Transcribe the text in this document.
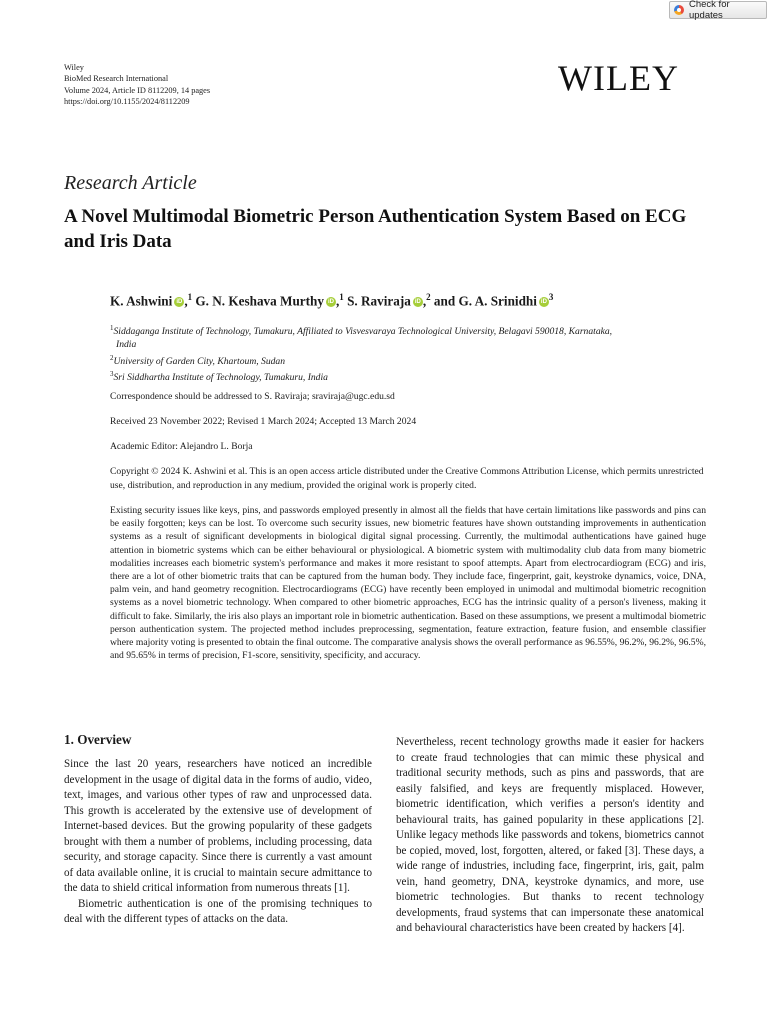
Check for updates
Wiley
BioMed Research International
Volume 2024, Article ID 8112209, 14 pages
https://doi.org/10.1155/2024/8112209
WILEY
Research Article
A Novel Multimodal Biometric Person Authentication System Based on ECG and Iris Data
K. Ashwini iD ,$^1$ G. N. Keshava Murthy iD ,$^1$ S. Raviraja iD ,$^2$ and G. A. Srinidhi $iD^3$
$^1$Siddaganga Institute of Technology, Tumakuru, Affiliated to Visvesvaraya Technological University, Belagavi 590018, Karnataka,
India
$^2$University of Garden City, Khartoum, Sudan
$^3$Sri Siddhartha Institute of Technology, Tumakuru, India
Correspondence should be addressed to S. Raviraja; sraviraja@ugc.edu.sd
Received 23 November 2022; Revised 1 March 2024; Accepted 13 March 2024
Academic Editor: Alejandro L. Borja
Copyright © 2024 K. Ashwini et al. This is an open access article distributed under the Creative Commons Attribution License, which permits unrestricted use, distribution, and reproduction in any medium, provided the original work is properly cited.
Existing security issues like keys, pins, and passwords employed presently in almost all the fields that have certain limitations like passwords and pins can be easily forgotten; keys can be lost. To overcome such security issues, new biometric features have shown outstanding improvements in authentication systems as a result of significant developments in biological digital signal processing. Currently, the multimodal authentications have gained huge attention in biometric systems which can be either behavioural or physiological. A biometric system with multimodality club data from many biometric modalities increases each biometric system's performance and makes it more resistant to spoof attempts. Apart from electrocardiogram (ECG) and iris, there are a lot of other biometric traits that can be captured from the human body. They include face, fingerprint, gait, keystroke dynamics, voice, DNA, palm vein, and hand geometry recognition. Electrocardiograms (ECG) have recently been employed in unimodal and multimodal biometric recognition systems as a novel biometric technology. When compared to other biometric approaches, ECG has the intrinsic quality of a person's liveness, making it difficult to fake. Similarly, the iris also plays an important role in biometric authentication. Based on these assumptions, we present a multimodal biometric person authentication system. The projected method includes preprocessing, segmentation, feature extraction, feature fusion, and ensemble classifier where majority voting is presented to obtain the final outcome. The comparative analysis shows the overall performance as 96.55%, 96.2%, 96.2%, 96.5%, and 95.65% in terms of precision, F1-score, sensitivity, specificity, and accuracy.
1. Overview

Since the last 20 years, researchers have noticed an incredible development in the usage of digital data in the forms of audio, video, text, images, and various other types of raw and unprocessed data. This growth is accelerated by the extensive use of development of Internet-based devices. But the growing popularity of these gadgets brought with them a number of problems, including processing, data security, and storage capacity. Since there is currently a vast amount of data available online, it is crucial to maintain secure admittance to the data to shield critical information from numerous threats [1].

Biometric authentication is one of the promising techniques to deal with the different types of attacks on the data.

Nevertheless, recent technology growths made it easier for hackers to create fraud technologies that can mimic these physical and traditional security methods, such as pins and passwords, that are easily falsified, and keys are frequently misplaced. However, biometric identification, which verifies a person's identity and behavioural traits, has gained popularity in these applications [2]. Unlike legacy methods like passwords and tokens, biometrics cannot be copied, moved, lost, forgotten, altered, or faked [3]. These days, a wide range of industries, including face, fingerprint, iris, gait, palm vein, hand geometry, DNA, keystroke dynamics, and more, use biometric technologies. But thanks to recent technology developments, fraud systems that can impersonate these anatomical and behavioural characteristics have been created by hackers [4].
